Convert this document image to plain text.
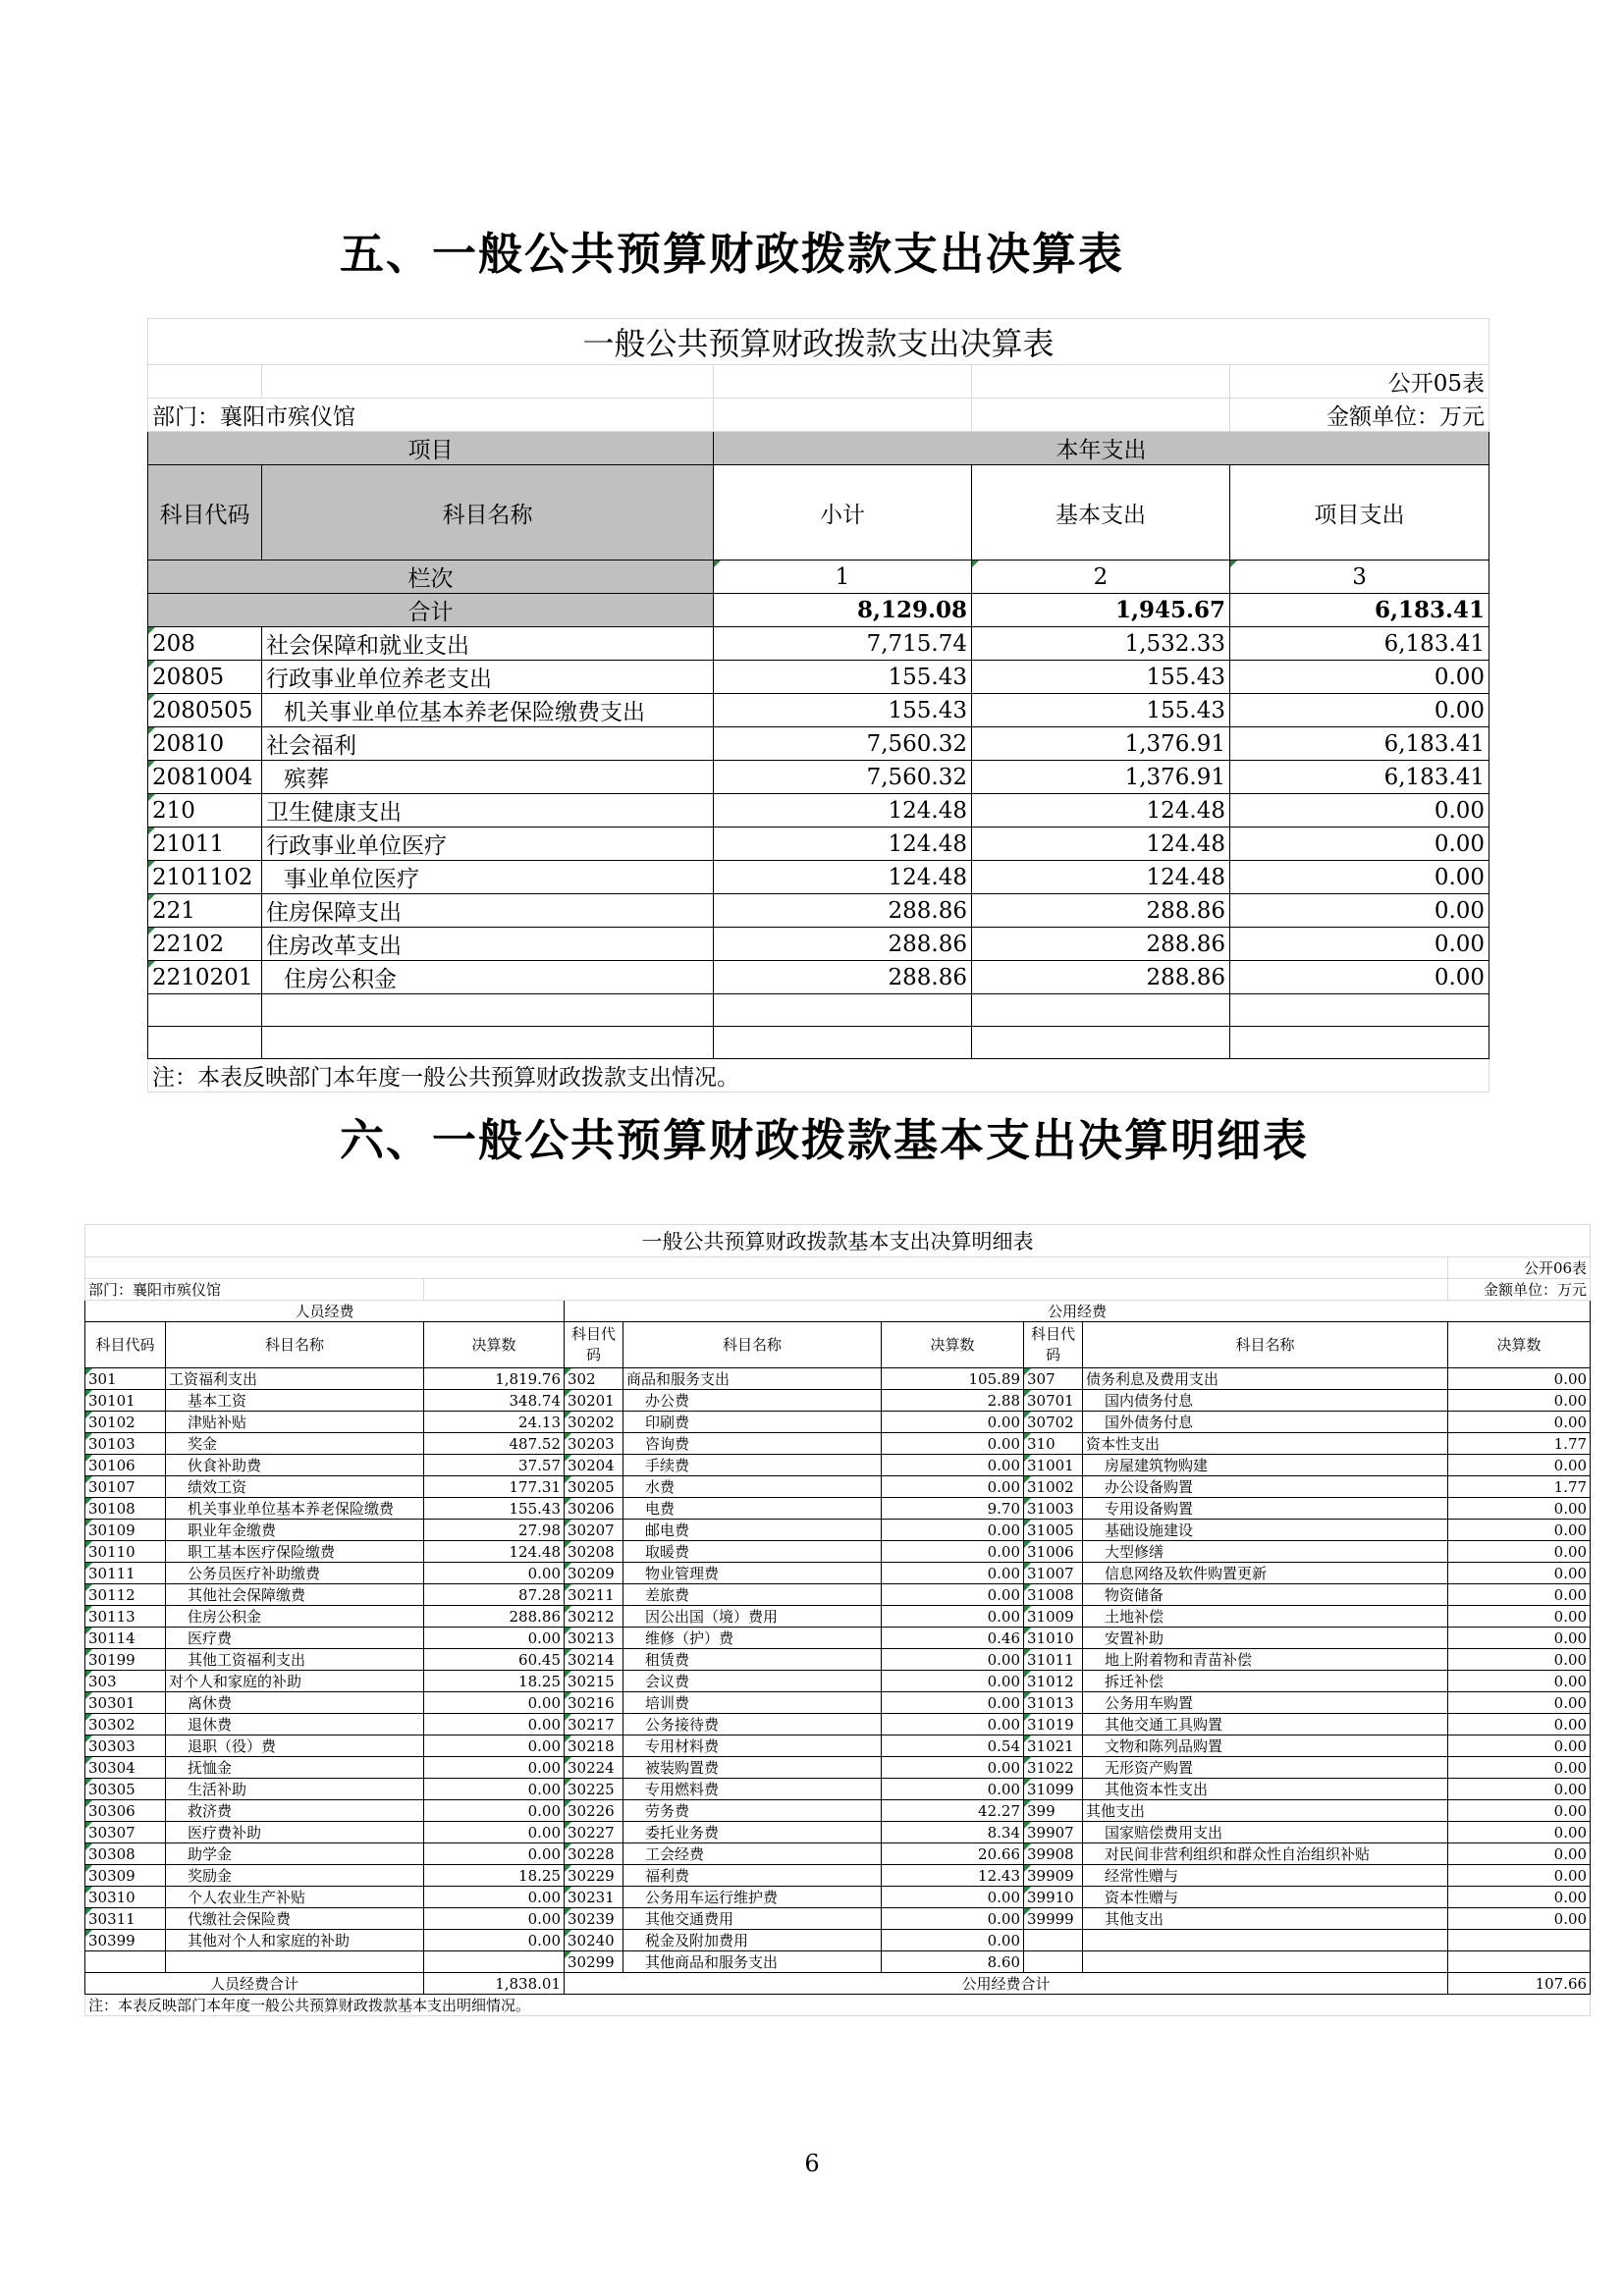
五、一般公共预算财政拨款支出决算表
一般公共预算财政拨款支出决算表				
				公开05表
部门：襄阳市殡仪馆				金额单位：万元
项目		本年支出		
科目代码	科目名称	小计	基本支出	项目支出
栏次		1	2	3
合计		8,129.08	1,945.67	6,183.41
208	社会保障和就业支出	7,715.74	1,532.33	6,183.41
20805	行政事业单位养老支出	155.43	155.43	0.00
2080505	机关事业单位基本养老保险缴费支出	155.43	155.43	0.00
20810	社会福利	7,560.32	1,376.91	6,183.41
2081004	殡葬	7,560.32	1,376.91	6,183.41
210	卫生健康支出	124.48	124.48	0.00
21011	行政事业单位医疗	124.48	124.48	0.00
2101102	事业单位医疗	124.48	124.48	0.00
221	住房保障支出	288.86	288.86	0.00
22102	住房改革支出	288.86	288.86	0.00
2210201	住房公积金	288.86	288.86	0.00

注：本表反映部门本年度一般公共预算财政拨款支出情况。				
六、一般公共预算财政拨款基本支出决算明细表
一般公共预算财政拨款基本支出决算明细表								
								公开06表
部门：襄阳市殡仪馆								金额单位：万元
人员经费			公用经费					
科目代码	科目名称	决算数	科目代码	科目名称	决算数	科目代码	科目名称	决算数
301	工资福利支出	1,819.76	302	商品和服务支出	105.89	307	债务利息及费用支出	0.00
30101	基本工资	348.74	30201	办公费	2.88	30701	国内债务付息	0.00
30102	津贴补贴	24.13	30202	印刷费	0.00	30702	国外债务付息	0.00
30103	奖金	487.52	30203	咨询费	0.00	310	资本性支出	1.77
30106	伙食补助费	37.57	30204	手续费	0.00	31001	房屋建筑物购建	0.00
30107	绩效工资	177.31	30205	水费	0.00	31002	办公设备购置	1.77
30108	机关事业单位基本养老保险缴费	155.43	30206	电费	9.70	31003	专用设备购置	0.00
30109	职业年金缴费	27.98	30207	邮电费	0.00	31005	基础设施建设	0.00
30110	职工基本医疗保险缴费	124.48	30208	取暖费	0.00	31006	大型修缮	0.00
30111	公务员医疗补助缴费	0.00	30209	物业管理费	0.00	31007	信息网络及软件购置更新	0.00
30112	其他社会保障缴费	87.28	30211	差旅费	0.00	31008	物资储备	0.00
30113	住房公积金	288.86	30212	因公出国（境）费用	0.00	31009	土地补偿	0.00
30114	医疗费	0.00	30213	维修（护）费	0.46	31010	安置补助	0.00
30199	其他工资福利支出	60.45	30214	租赁费	0.00	31011	地上附着物和青苗补偿	0.00
303	对个人和家庭的补助	18.25	30215	会议费	0.00	31012	拆迁补偿	0.00
30301	离休费	0.00	30216	培训费	0.00	31013	公务用车购置	0.00
30302	退休费	0.00	30217	公务接待费	0.00	31019	其他交通工具购置	0.00
30303	退职（役）费	0.00	30218	专用材料费	0.54	31021	文物和陈列品购置	0.00
30304	抚恤金	0.00	30224	被装购置费	0.00	31022	无形资产购置	0.00
30305	生活补助	0.00	30225	专用燃料费	0.00	31099	其他资本性支出	0.00
30306	救济费	0.00	30226	劳务费	42.27	399	其他支出	0.00
30307	医疗费补助	0.00	30227	委托业务费	8.34	39907	国家赔偿费用支出	0.00
30308	助学金	0.00	30228	工会经费	20.66	39908	对民间非营利组织和群众性自治组织补贴	0.00
30309	奖励金	18.25	30229	福利费	12.43	39909	经常性赠与	0.00
30310	个人农业生产补贴	0.00	30231	公务用车运行维护费	0.00	39910	资本性赠与	0.00
30311	代缴社会保险费	0.00	30239	其他交通费用	0.00	39999	其他支出	0.00
30399	其他对个人和家庭的补助	0.00	30240	税金及附加费用	0.00			
			30299	其他商品和服务支出	8.60			
人员经费合计		1,838.01	公用经费合计					107.66
注：本表反映部门本年度一般公共预算财政拨款基本支出明细情况。								
6
